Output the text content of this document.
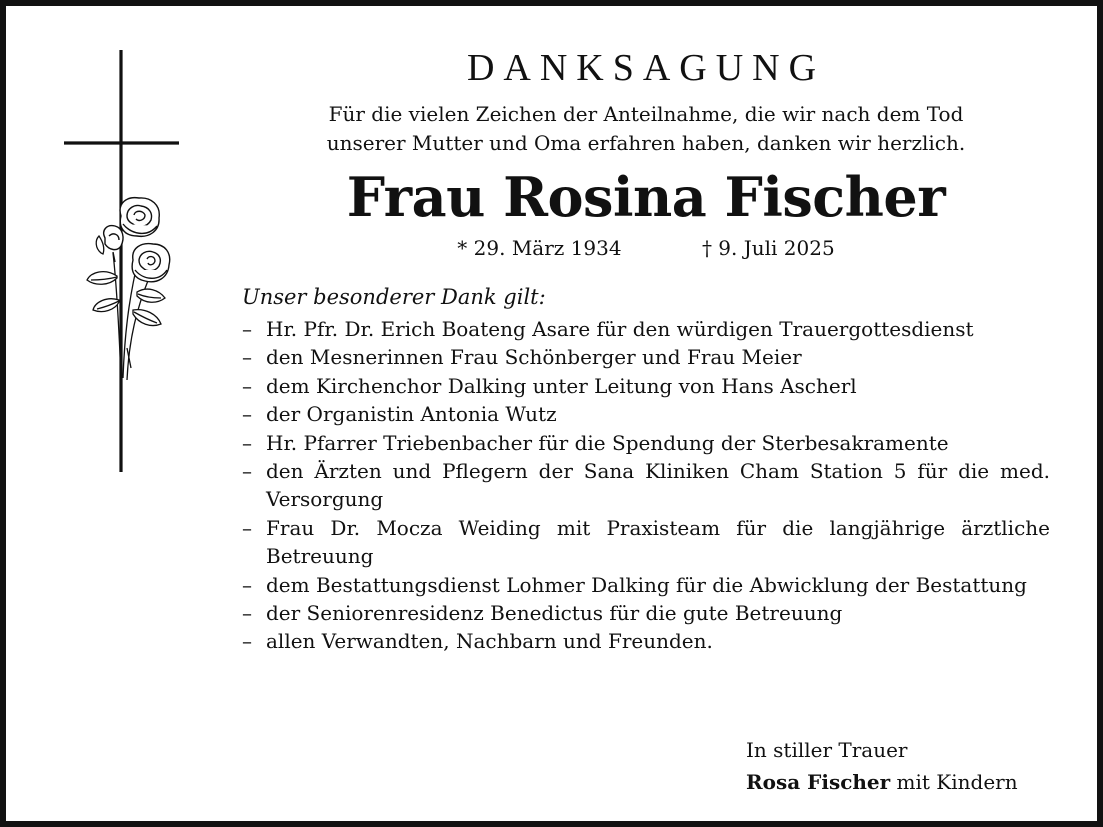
DANKSAGUNG
Für die vielen Zeichen der Anteilnahme, die wir nach dem Tod
unserer Mutter und Oma erfahren haben, danken wir herzlich.
Frau Rosina Fischer
* 29. März 1934	† 9. Juli 2025
Unser besonderer Dank gilt:
– Hr. Pfr. Dr. Erich Boateng Asare für den würdigen Trauergottesdienst
– den Mesnerinnen Frau Schönberger und Frau Meier
– dem Kirchenchor Dalking unter Leitung von Hans Ascherl
– der Organistin Antonia Wutz
– Hr. Pfarrer Triebenbacher für die Spendung der Sterbesakramente
– den Ärzten und Pflegern der Sana Kliniken Cham Station 5 für die med. Versorgung
– Frau Dr. Mocza Weiding mit Praxisteam für die langjährige ärztliche Betreuung
– dem Bestattungsdienst Lohmer Dalking für die Abwicklung der Bestattung
– der Seniorenresidenz Benedictus für die gute Betreuung
– allen Verwandten, Nachbarn und Freunden.
In stiller Trauer
Rosa Fischer mit Kindern
